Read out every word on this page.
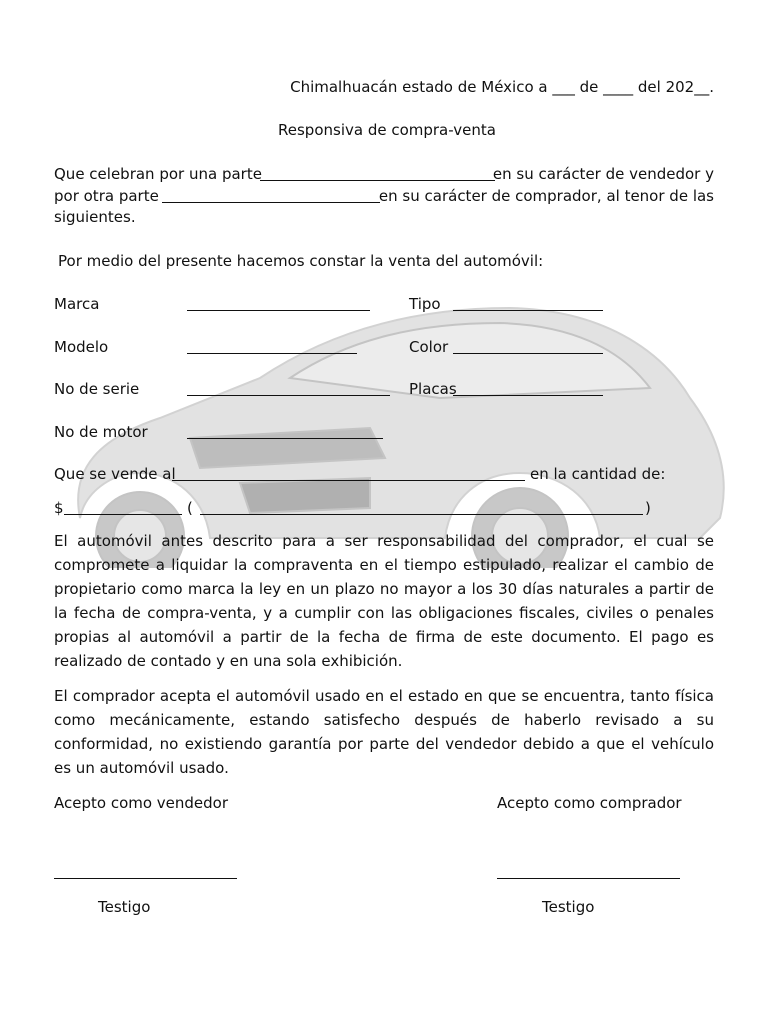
Chimalhuacán estado de México a ___ de ____ del 202__.
Responsiva de compra-venta
Que celebran por una parte	en su carácter de vendedor y
por otra parte	en su carácter de comprador, al tenor de las
siguientes.
Por medio del presente hacemos constar la venta del automóvil:
Marca	Tipo
Modelo	Color
No de serie	Placas
No de motor
Que se vende al	en la cantidad de:
$	(	)

El automóvil antes descrito para a ser responsabilidad del comprador, el cual se compromete a liquidar la compraventa en el tiempo estipulado, realizar el cambio de propietario como marca la ley en un plazo no mayor a los 30 días naturales a partir de la fecha de compra-venta, y a cumplir con las obligaciones fiscales, civiles o penales propias al automóvil a partir de la fecha de firma de este documento. El pago es realizado de contado y en una sola exhibición.

El comprador acepta el automóvil usado en el estado en que se encuentra, tanto física como mecánicamente, estando satisfecho después de haberlo revisado a su conformidad, no existiendo garantía por parte del vendedor debido a que el vehículo es un automóvil usado.

Acepto como vendedor	Acepto como comprador
Testigo	Testigo
